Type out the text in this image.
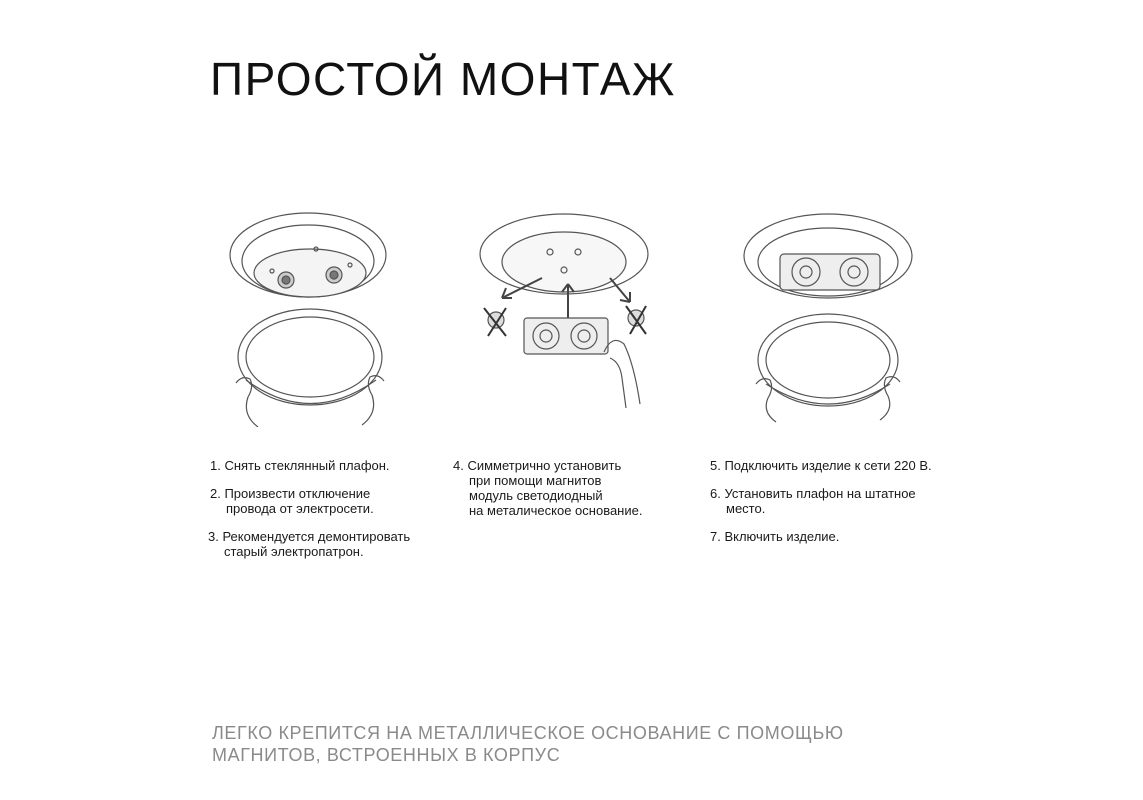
ПРОСТОЙ МОНТАЖ
1. Снять стеклянный плафон.
2. Произвести отключение
провода от электросети.
3. Рекомендуется демонтировать
старый электропатрон.
4. Симметрично установить
при помощи магнитов
модуль светодиодный
на металическое основание.
5. Подключить изделие к сети 220 В.
6. Установить плафон на штатное
место.
7. Включить изделие.
ЛЕГКО КРЕПИТСЯ НА МЕТАЛЛИЧЕСКОЕ ОСНОВАНИЕ С ПОМОЩЬЮ
МАГНИТОВ, ВСТРОЕННЫХ В КОРПУС
